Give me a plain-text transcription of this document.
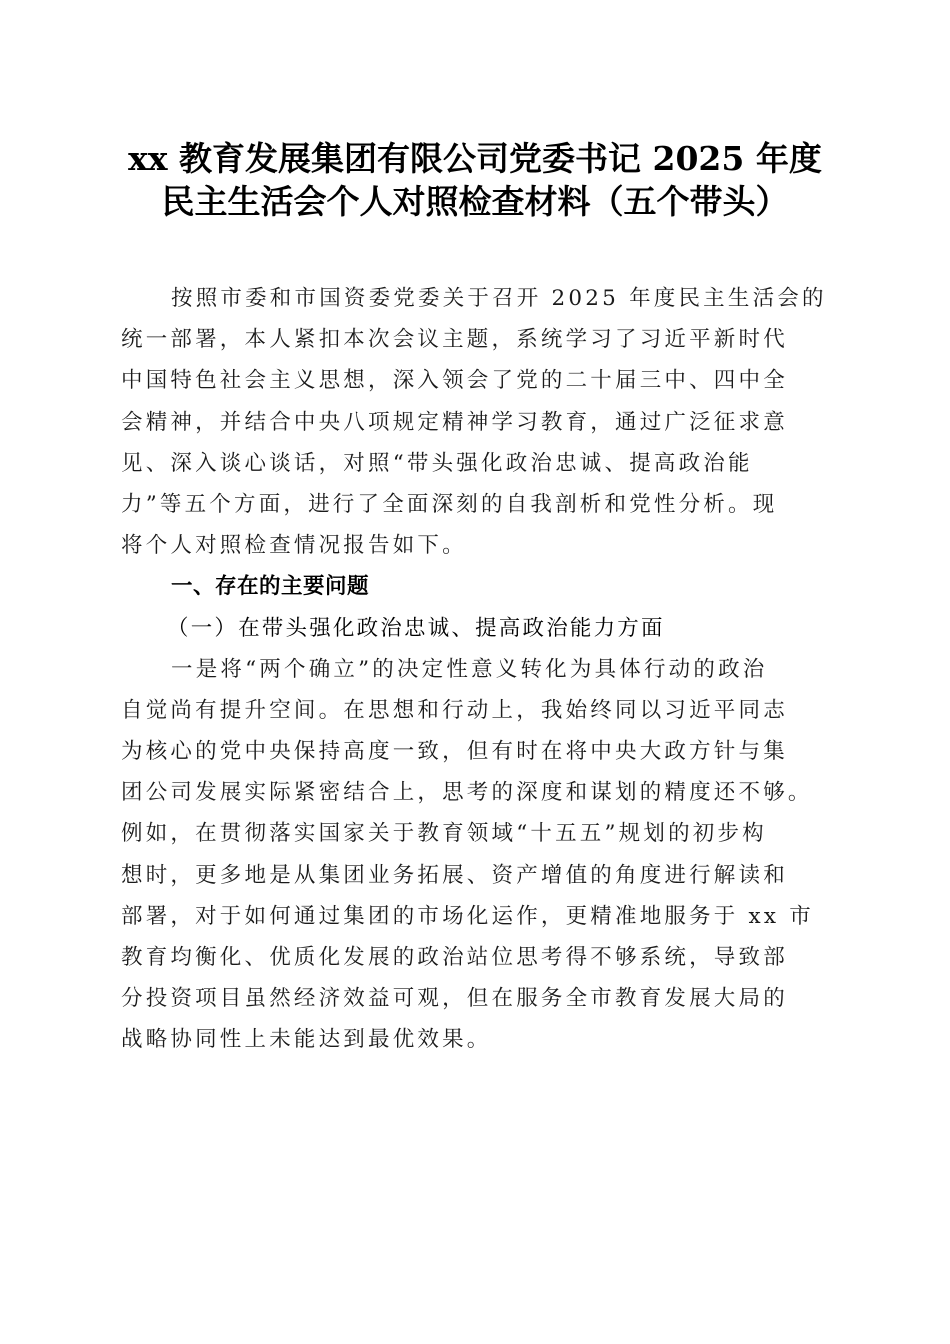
xx 教育发展集团有限公司党委书记 2025 年度
民主生活会个人对照检查材料（五个带头）
按照市委和市国资委党委关于召开 2025 年度民主生活会的
统一部署，本人紧扣本次会议主题，系统学习了习近平新时代
中国特色社会主义思想，深入领会了党的二十届三中、四中全
会精神，并结合中央八项规定精神学习教育，通过广泛征求意
见、深入谈心谈话，对照“带头强化政治忠诚、提高政治能
力”等五个方面，进行了全面深刻的自我剖析和党性分析。现
将个人对照检查情况报告如下。
一、存在的主要问题
（一）在带头强化政治忠诚、提高政治能力方面
一是将“两个确立”的决定性意义转化为具体行动的政治
自觉尚有提升空间。在思想和行动上，我始终同以习近平同志
为核心的党中央保持高度一致，但有时在将中央大政方针与集
团公司发展实际紧密结合上，思考的深度和谋划的精度还不够。
例如，在贯彻落实国家关于教育领域“十五五”规划的初步构
想时，更多地是从集团业务拓展、资产增值的角度进行解读和
部署，对于如何通过集团的市场化运作，更精准地服务于 xx 市
教育均衡化、优质化发展的政治站位思考得不够系统，导致部
分投资项目虽然经济效益可观，但在服务全市教育发展大局的
战略协同性上未能达到最优效果。
